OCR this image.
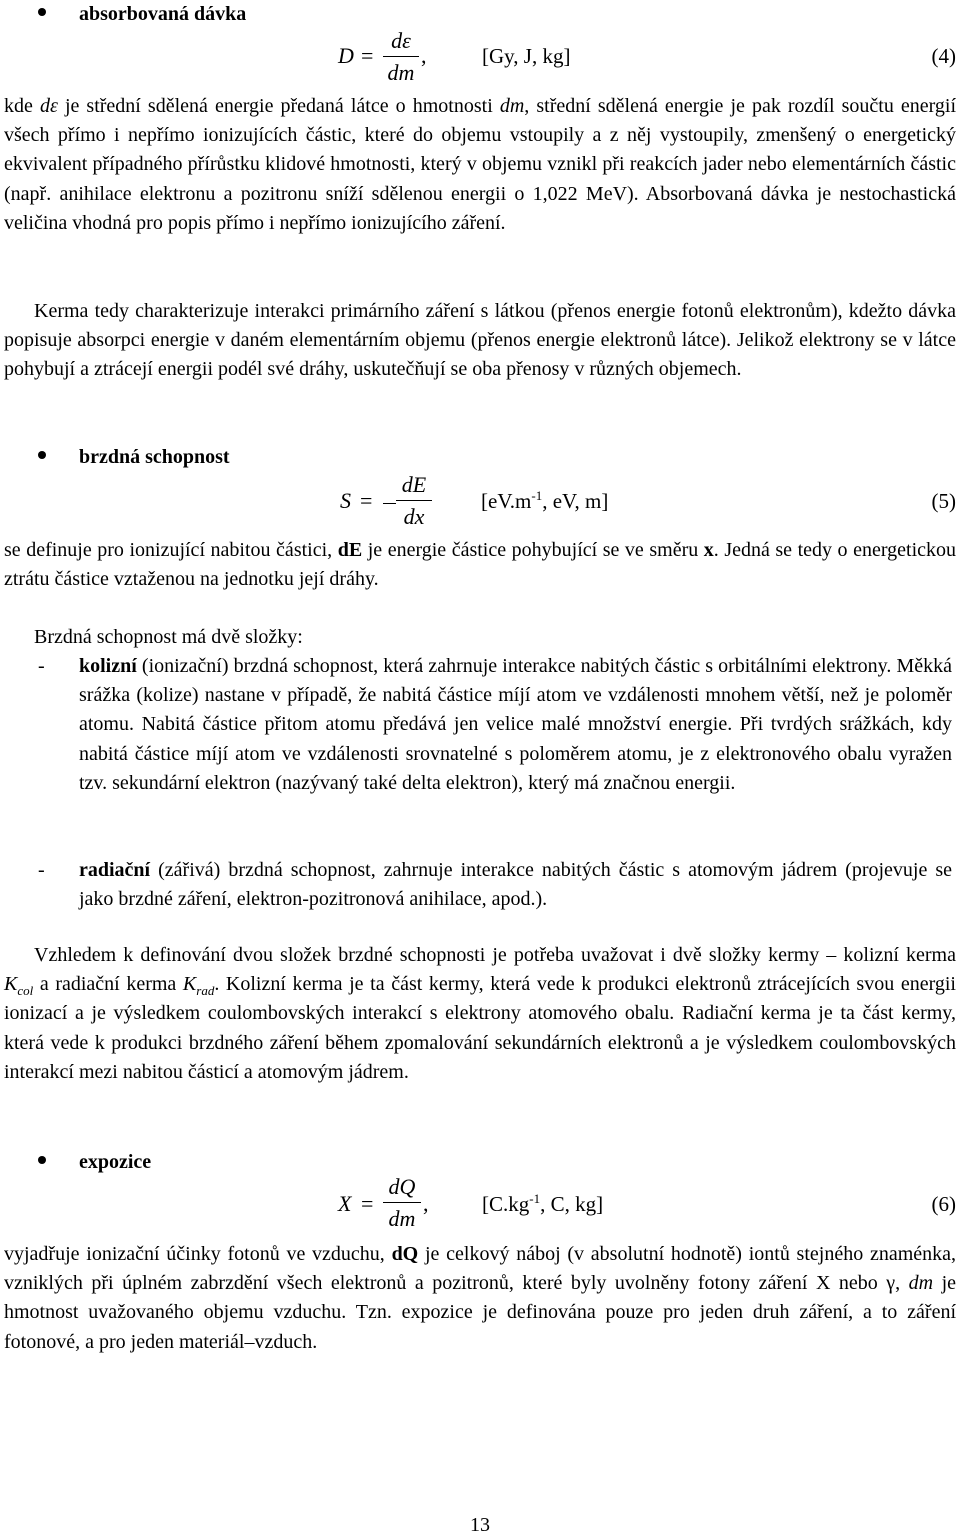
absorbovaná dávka
D =
dε
dm
,	[Gy, J, kg]	(4)

kde dε je střední sdělená energie předaná látce o hmotnosti dm, střední sdělená energie je pak rozdíl součtu energií všech přímo i nepřímo ionizujících částic, které do objemu vstoupily a z něj vystoupily, zmenšený o energetický ekvivalent případného přírůstku klidové hmotnosti, který v objemu vznikl při reakcích jader nebo elementárních částic (např. anihilace elektronu a pozitronu sníží sdělenou energii o 1,022 MeV). Absorbovaná dávka je nestochastická veličina vhodná pro popis přímo i nepřímo ionizujícího záření.

Kerma tedy charakterizuje interakci primárního záření s látkou (přenos energie fotonů elektronům), kdežto dávka popisuje absorpci energie v daném elementárním objemu (přenos energie elektronů látce). Jelikož elektrony se v látce pohybují a ztrácejí energii podél své dráhy, uskutečňují se oba přenosy v různých objemech.

brzdná schopnost
S =
dE
dx
[$eV.m^{-1}$, eV, m]	(5)

se definuje pro ionizující nabitou částici, dE je energie částice pohybující se ve směru x. Jedná se tedy o energetickou ztrátu částice vztaženou na jednotku její dráhy.

Brzdná schopnost má dvě složky:

- kolizní (ionizační) brzdná schopnost, která zahrnuje interakce nabitých částic s orbitálními elektrony. Měkká srážka (kolize) nastane v případě, že nabitá částice míjí atom ve vzdálenosti mnohem větší, než je poloměr atomu. Nabitá částice přitom atomu předává jen velice malé množství energie. Při tvrdých srážkách, kdy nabitá částice míjí atom ve vzdálenosti srovnatelné s poloměrem atomu, je z elektronového obalu vyražen tzv. sekundární elektron (nazývaný také delta elektron), který má značnou energii.

- radiační (zářivá) brzdná schopnost, zahrnuje interakce nabitých částic s atomovým jádrem (projevuje se jako brzdné záření, elektron-pozitronová anihilace, apod.).

Vzhledem k definování dvou složek brzdné schopnosti je potřeba uvažovat i dvě složky kermy – kolizní kerma $K_{col}$ a radiační kerma $K_{rad}$. Kolizní kerma je ta část kermy, která vede k produkci elektronů ztrácejících svou energii ionizací a je výsledkem coulombovských interakcí s elektrony atomového obalu. Radiační kerma je ta část kermy, která vede k produkci brzdného záření během zpomalování sekundárních elektronů a je výsledkem coulombovských interakcí mezi nabitou částicí a atomovým jádrem.

expozice
X =
dQ
dm
,	[$C.kg^{-1}$, C, kg]	(6)

vyjadřuje ionizační účinky fotonů ve vzduchu, dQ je celkový náboj (v absolutní hodnotě) iontů stejného znaménka, vzniklých při úplném zabrzdění všech elektronů a pozitronů, které byly uvolněny fotony záření X nebo γ, dm je hmotnost uvažovaného objemu vzduchu. Tzn. expozice je definována pouze pro jeden druh záření, a to záření fotonové, a pro jeden materiál–vzduch.

13
